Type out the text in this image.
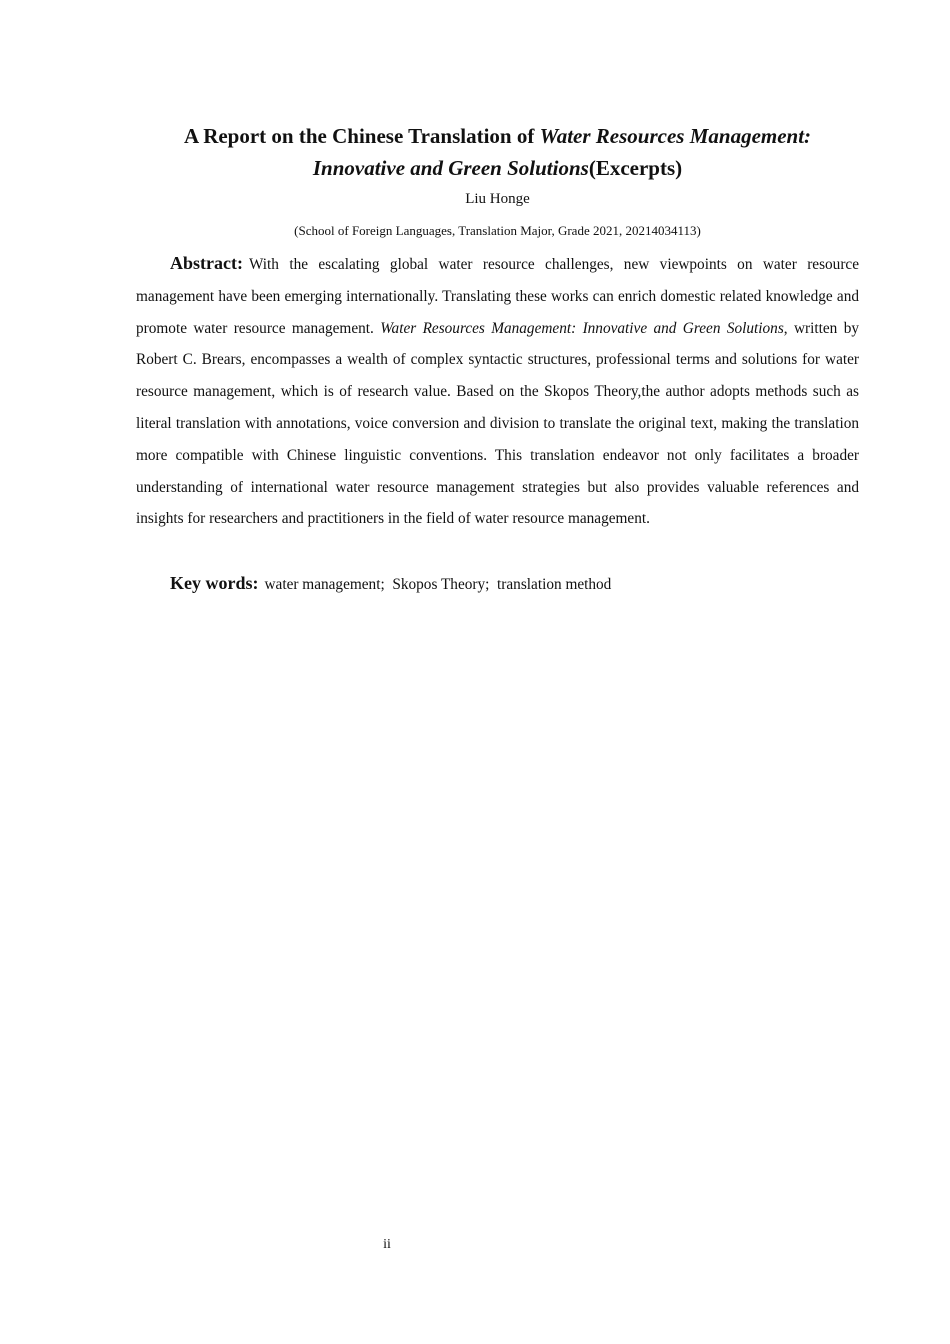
A Report on the Chinese Translation of Water Resources Management:
Innovative and Green Solutions(Excerpts)
Liu Honge
(School of Foreign Languages, Translation Major, Grade 2021, 20214034113)

Abstract: With the escalating global water resource challenges, new viewpoints on water resource management have been emerging internationally. Translating these works can enrich domestic related knowledge and promote water resource management. Water Resources Management: Innovative and Green Solutions, written by Robert C. Brears, encompasses a wealth of complex syntactic structures, professional terms and solutions for water resource management, which is of research value. Based on the Skopos Theory,the author adopts methods such as literal translation with annotations, voice conversion and division to translate the original text, making the translation more compatible with Chinese linguistic conventions. This translation endeavor not only facilitates a broader understanding of international water resource management strategies but also provides valuable references and insights for researchers and practitioners in the field of water resource management.

Key words: water management;  Skopos Theory;  translation method

ii
